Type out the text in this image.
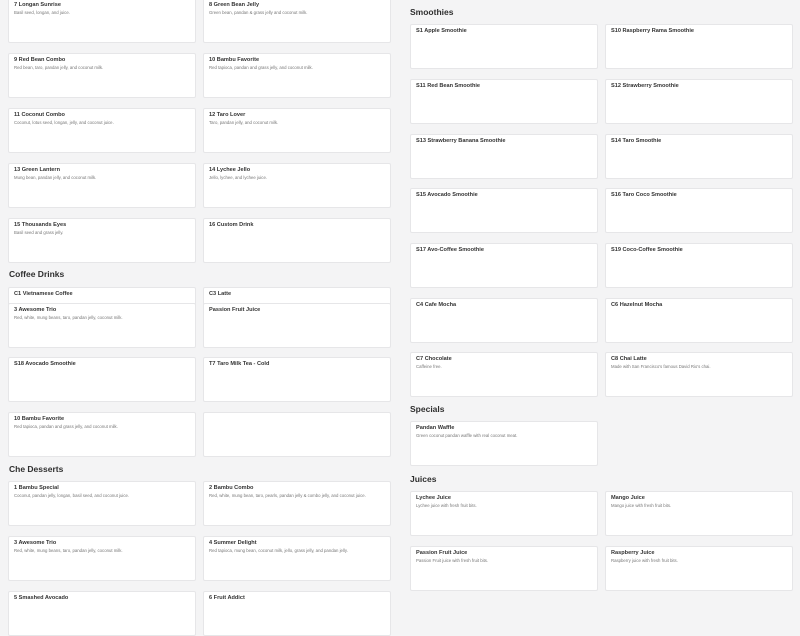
7 Longan Sunrise
Basil seed, longan, and juice.
8 Green Bean Jelly
Green bean, pandan & grass jelly and coconut milk.
9 Red Bean Combo
Red bean, taro, pandan jelly, and coconut milk.
10 Bambu Favorite
Red tapioca, pandan and grass jelly, and coconut milk.
11 Coconut Combo
Coconut, lotus seed, longan, jelly, and coconut juice.
12 Taro Lover
Taro, pandan jelly, and coconut milk.
13 Green Lantern
Mung bean, pandan jelly, and coconut milk.
14 Lychee Jello
Jello, lychee, and lychee juice.
15 Thousands Eyes
Basil seed and grass jelly.
16 Custom Drink
Coffee Drinks
C1 Vietnamese Coffee	C3 Latte
3 Awesome Trio
Red, white, mung beans, taro, pandan jelly, coconut milk.
Passion Fruit Juice
S18 Avocado Smoothie	T7 Taro Milk Tea - Cold
10 Bambu Favorite
Red tapioca, pandan and grass jelly, and coconut milk.
Che Desserts
1 Bambu Special
Coconut, pandan jelly, longan, basil seed, and coconut juice.
2 Bambu Combo
Red, white, mung bean, taro, pearls, pandan jelly & combo jelly, and coconut juice.
3 Awesome Trio
Red, white, mung beans, taro, pandan jelly, coconut milk.
4 Summer Delight
Red tapioca, mung bean, coconut milk, jello, grass jelly, and pandan jelly.
5 Smashed Avocado	6 Fruit Addict
Smoothies
S1 Apple Smoothie	S10 Raspberry Rama Smoothie
S11 Red Bean Smoothie	S12 Strawberry Smoothie
S13 Strawberry Banana Smoothie	S14 Taro Smoothie
S15 Avocado Smoothie	S16 Taro Coco Smoothie
S17 Avo-Coffee Smoothie	S19 Coco-Coffee Smoothie
C4 Cafe Mocha	C6 Hazelnut Mocha
C7 Chocolate
Caffeine free.
C8 Chai Latte
Made with San Francisco's famous David Rio's chai.
Specials
Pandan Waffle
Green coconut pandan waffle with real coconut meat.
Juices
Lychee Juice
Lychee juice with fresh fruit bits.
Mango Juice
Mango juice with fresh fruit bits.
Passion Fruit Juice
Passion Fruit juice with fresh fruit bits.
Raspberry Juice
Raspberry juice with fresh fruit bits.
